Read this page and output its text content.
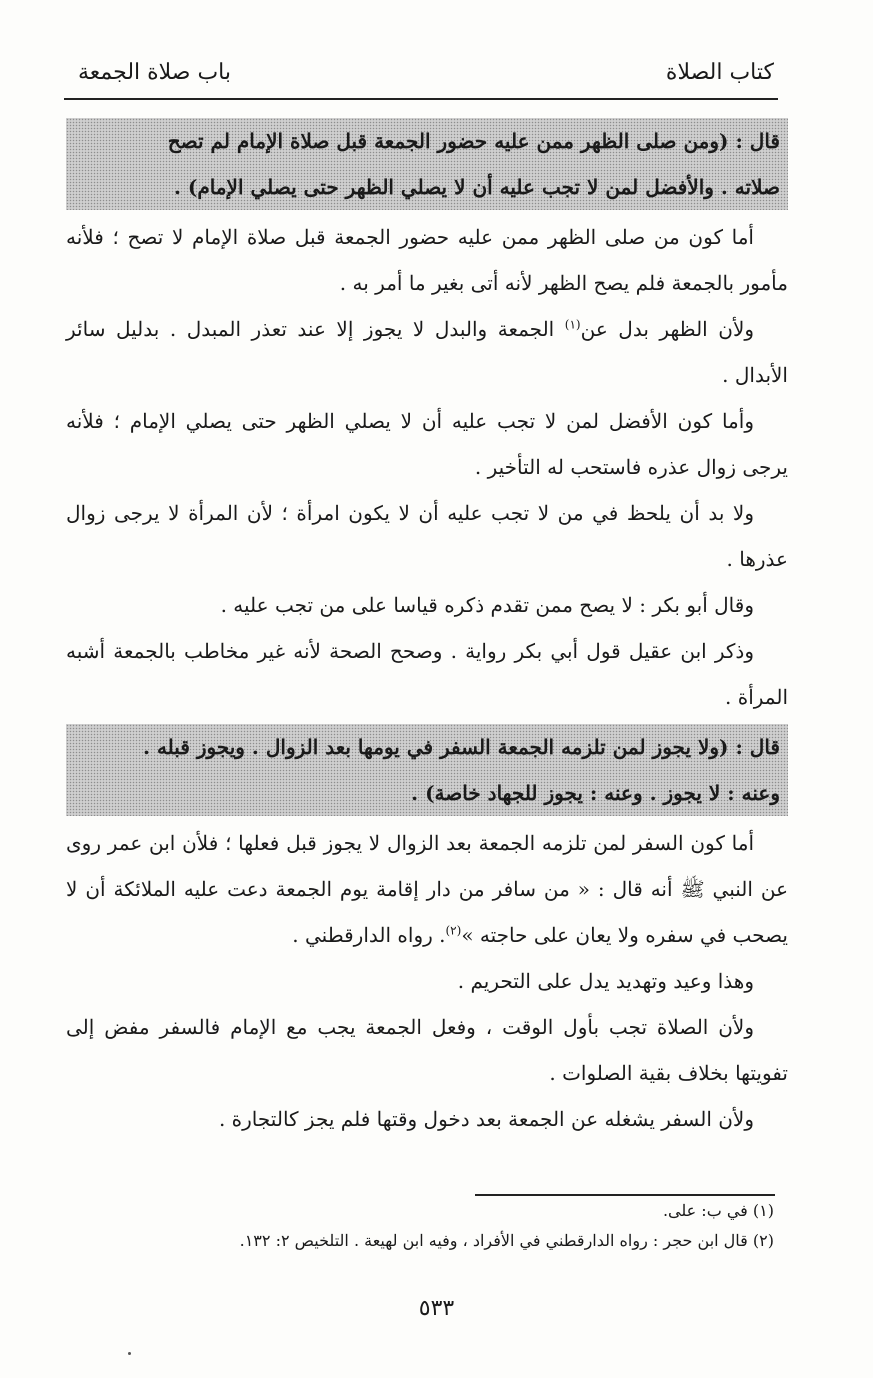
كتاب الصلاة
باب صلاة الجمعة

قال : (ومن صلى الظهر ممن عليه حضور الجمعة قبل صلاة الإمام لم تصح

صلاته . والأفضل لمن لا تجب عليه أن لا يصلي الظهر حتى يصلي الإمام) .

أما كون من صلى الظهر ممن عليه حضور الجمعة قبل صلاة الإمام لا تصح ؛ فلأنه مأمور بالجمعة فلم يصح الظهر لأنه أتى بغير ما أمر به .

ولأن الظهر بدل عن$^{(١)}$ الجمعة والبدل لا يجوز إلا عند تعذر المبدل . بدليل سائر الأبدال .

وأما كون الأفضل لمن لا تجب عليه أن لا يصلي الظهر حتى يصلي الإمام ؛ فلأنه يرجى زوال عذره فاستحب له التأخير .

ولا بد أن يلحظ في من لا تجب عليه أن لا يكون امرأة ؛ لأن المرأة لا يرجى زوال عذرها .

وقال أبو بكر : لا يصح ممن تقدم ذكره قياسا على من تجب عليه .

وذكر ابن عقيل قول أبي بكر رواية . وصحح الصحة لأنه غير مخاطب بالجمعة أشبه المرأة .

قال : (ولا يجوز لمن تلزمه الجمعة السفر في يومها بعد الزوال . ويجوز قبله .

وعنه : لا يجوز . وعنه : يجوز للجهاد خاصة) .

أما كون السفر لمن تلزمه الجمعة بعد الزوال لا يجوز قبل فعلها ؛ فلأن ابن عمر روى عن النبي ﷺ أنه قال : « من سافر من دار إقامة يوم الجمعة دعت عليه الملائكة أن لا يصحب في سفره ولا يعان على حاجته »$^{(٢)}$. رواه الدارقطني .

وهذا وعيد وتهديد يدل على التحريم .

ولأن الصلاة تجب بأول الوقت ، وفعل الجمعة يجب مع الإمام فالسفر مفض إلى تفويتها بخلاف بقية الصلوات .

ولأن السفر يشغله عن الجمعة بعد دخول وقتها فلم يجز كالتجارة .

(١) في ب: على.

(٢) قال ابن حجر : رواه الدارقطني في الأفراد ، وفيه ابن لهيعة . التلخيص ٢: ١٣٢.

٥٣٣
